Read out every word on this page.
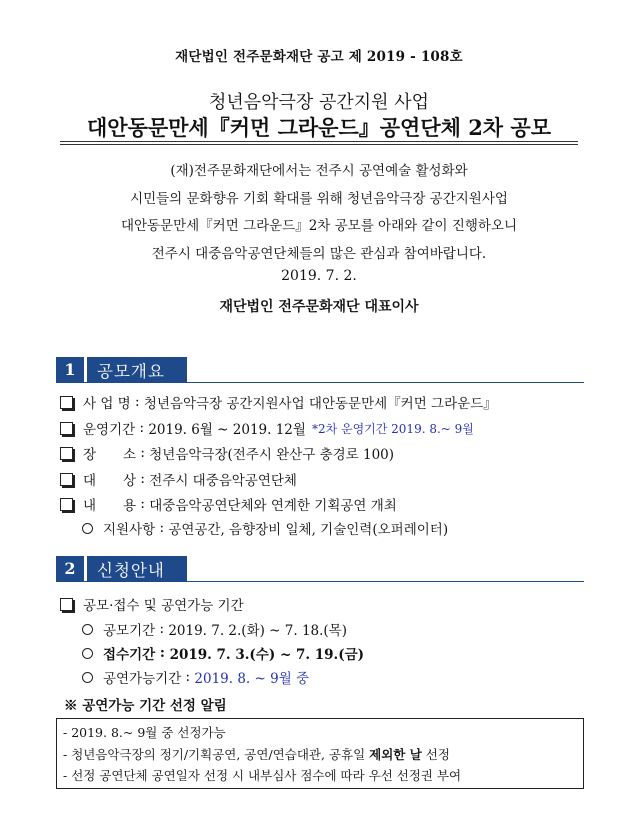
재단법인 전주문화재단 공고 제 2019 - 108호
청년음악극장 공간지원 사업
대안동문만세『커먼 그라운드』공연단체 2차 공모
(재)전주문화재단에서는 전주시 공연예술 활성화와
시민들의 문화향유 기회 확대를 위해 청년음악극장 공간지원사업
대안동문만세『커먼 그라운드』2차 공모를 아래와 같이 진행하오니
전주시 대중음악공연단체들의 많은 관심과 참여바랍니다.
2019. 7. 2.
재단법인 전주문화재단 대표이사
1	공모개요
사 업 명 : 청년음악극장 공간지원사업 대안동문만세『커먼 그라운드』
운영기간 : 2019. 6월 ~ 2019. 12월 *2차 운영기간 2019. 8.~ 9월
장　　소 : 청년음악극장(전주시 완산구 충경로 100)
대　　상 : 전주시 대중음악공연단체
내　　용 : 대중음악공연단체와 연계한 기획공연 개최
지원사항 : 공연공간, 음향장비 일체, 기술인력(오퍼레이터)
2	신청안내
공모·접수 및 공연가능 기간
공모기간 : 2019. 7. 2.(화) ~ 7. 18.(목)
접수기간 : 2019. 7. 3.(수) ~ 7. 19.(금)
공연가능기간 : 2019. 8. ~ 9월 중
※ 공연가능 기간 선정 알림
- 2019. 8.~ 9월 중 선정가능
- 청년음악극장의 정기/기획공연, 공연/연습대관, 공휴일 제외한 날 선정
- 선정 공연단체 공연일자 선정 시 내부심사 점수에 따라 우선 선정권 부여
